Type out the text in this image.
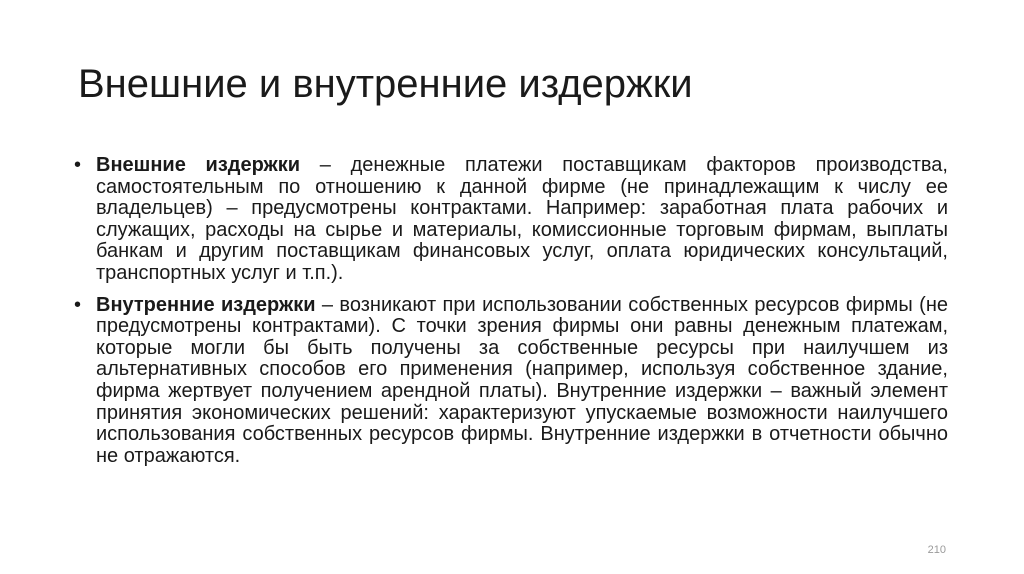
Внешние и внутренние издержки
• Внешние издержки – денежные платежи поставщикам факторов производства, самостоятельным по отношению к данной фирме (не принадлежащим к числу ее владельцев) – предусмотрены контрактами. Например: заработная плата рабочих и служащих, расходы на сырье и материалы, комиссионные торговым фирмам, выплаты банкам и другим поставщикам финансовых услуг, оплата юридических консультаций, транспортных услуг и т.п.).
• Внутренние издержки – возникают при использовании собственных ресурсов фирмы (не предусмотрены контрактами). С точки зрения фирмы они равны денежным платежам, которые могли бы быть получены за собственные ресурсы при наилучшем из альтернативных способов его применения (например, используя собственное здание, фирма жертвует получением арендной платы). Внутренние издержки – важный элемент принятия экономических решений: характеризуют упускаемые возможности наилучшего использования собственных ресурсов фирмы. Внутренние издержки в отчетности обычно не отражаются.
210
